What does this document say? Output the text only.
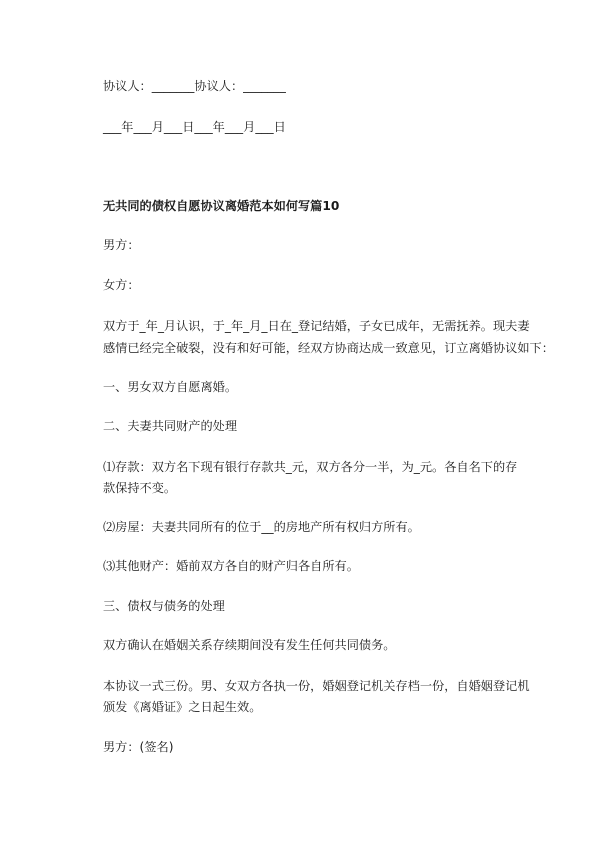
协议人：_______协议人：_______
___年___月___日___年___月___日
无共同的债权自愿协议离婚范本如何写篇10
男方：
女方：
双方于_年_月认识，于_年_月_日在_登记结婚，子女已成年，无需抚养。现夫妻
感情已经完全破裂，没有和好可能，经双方协商达成一致意见，订立离婚协议如下：
一、男女双方自愿离婚。
二、夫妻共同财产的处理
⑴存款：双方名下现有银行存款共_元，双方各分一半，为_元。各自名下的存
款保持不变。
⑵房屋：夫妻共同所有的位于__的房地产所有权归方所有。
⑶其他财产：婚前双方各自的财产归各自所有。
三、债权与债务的处理
双方确认在婚姻关系存续期间没有发生任何共同债务。
本协议一式三份。男、女双方各执一份，婚姻登记机关存档一份，自婚姻登记机
颁发《离婚证》之日起生效。
男方：(签名)
